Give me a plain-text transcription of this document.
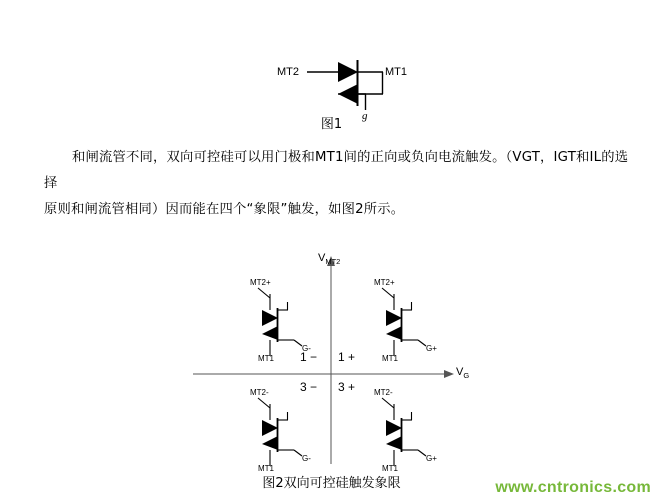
MT2	MT1
g
图1
和闸流管不同，双向可控硅可以用门极和MT1间的正向或负向电流触发。（VGT，IGT和IL的选择
原则和闸流管相同）因而能在四个“象限”触发，如图2所示。
$V_{MT2}$
$V_G$
1 − 1 +
3 − 3 +
MT2+
MT1
G-
MT2+
MT1
G+
MT2-
MT1
G-
MT2-
MT1
G+
图2双向可控硅触发象限	www.cntronics.com
